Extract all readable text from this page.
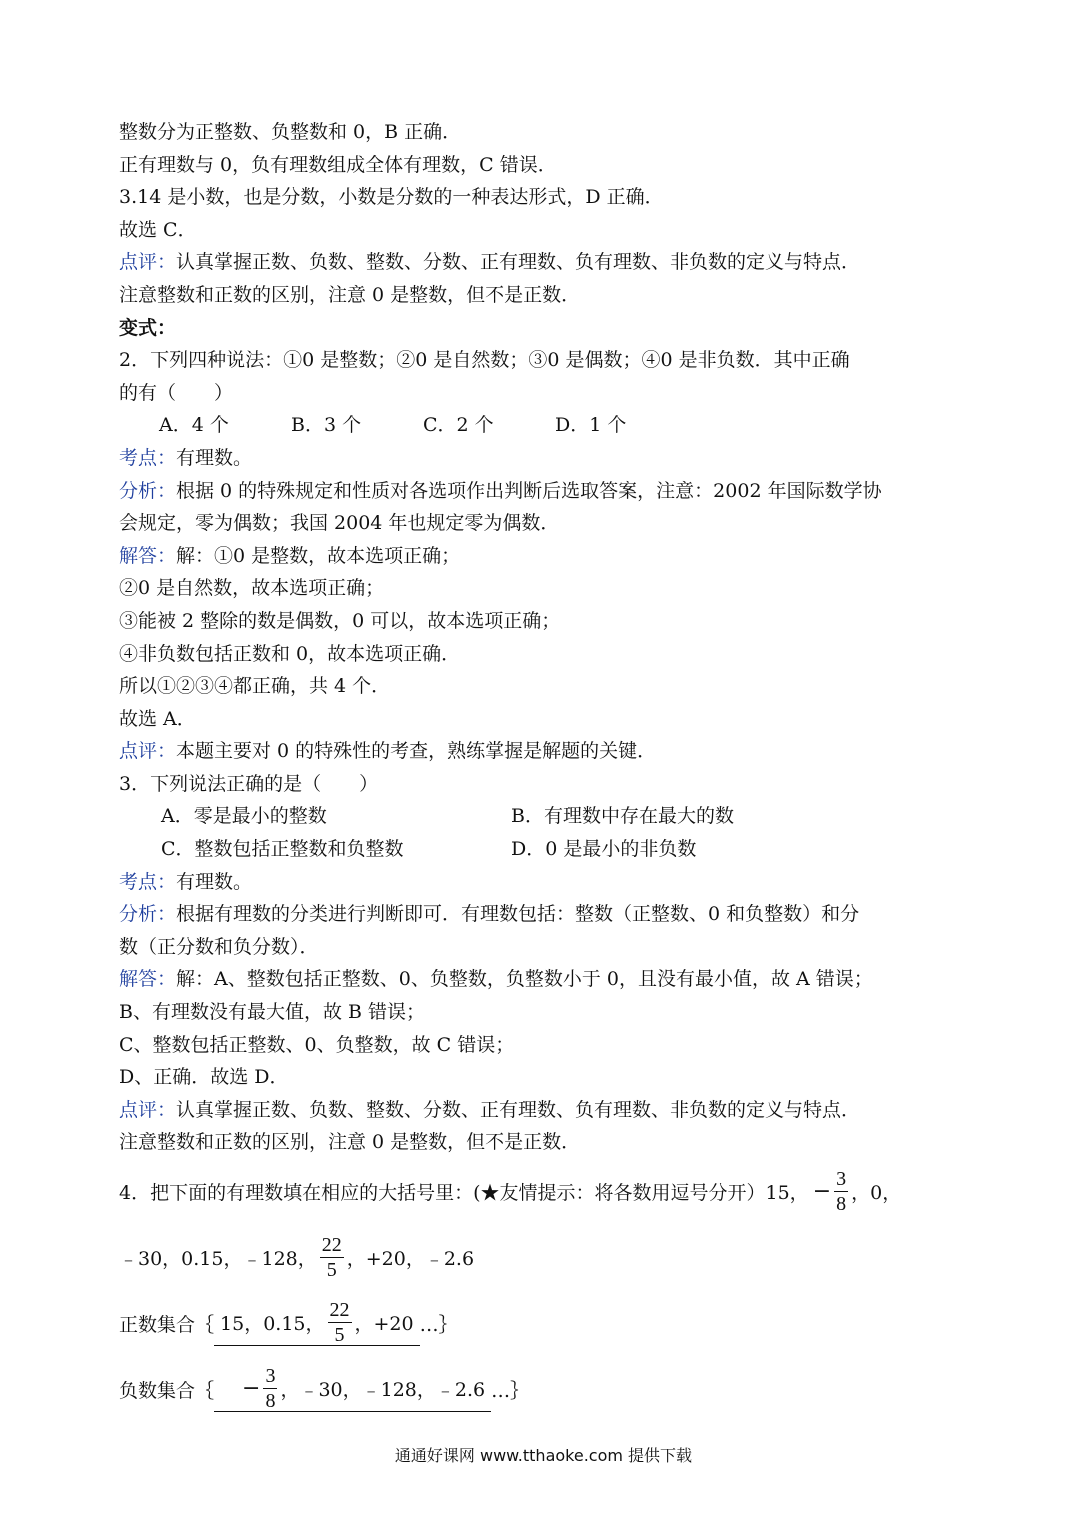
整数分为正整数、负整数和 0，B 正确．
正有理数与 0，负有理数组成全体有理数，C 错误．
3.14 是小数，也是分数，小数是分数的一种表达形式，D 正确．
故选 C．
点评：认真掌握正数、负数、整数、分数、正有理数、负有理数、非负数的定义与特点．
注意整数和正数的区别，注意 0 是整数，但不是正数．
变式：
2．下列四种说法：①0 是整数；②0 是自然数；③0 是偶数；④0 是非负数．其中正确
的有（　　）
A．4 个	B．3 个	C．2 个	D．1 个
考点：有理数。
分析：根据 0 的特殊规定和性质对各选项作出判断后选取答案，注意：2002 年国际数学协
会规定，零为偶数；我国 2004 年也规定零为偶数．
解答：解：①0 是整数，故本选项正确；
②0 是自然数，故本选项正确；
③能被 2 整除的数是偶数，0 可以，故本选项正确；
④非负数包括正数和 0，故本选项正确．
所以①②③④都正确，共 4 个．
故选 A．
点评：本题主要对 0 的特殊性的考查，熟练掌握是解题的关键．
3．下列说法正确的是（　　）
A．零是最小的整数	B．有理数中存在最大的数
C．整数包括正整数和负整数	D．0 是最小的非负数
考点：有理数。
分析：根据有理数的分类进行判断即可．有理数包括：整数（正整数、0 和负整数）和分
数（正分数和负分数）．
解答：解：A、整数包括正整数、0、负整数，负整数小于 0，且没有最小值，故 A 错误；
B、有理数没有最大值，故 B 错误；
C、整数包括正整数、0、负整数，故 C 错误；
D、正确．故选 D．
点评：认真掌握正数、负数、整数、分数、正有理数、负有理数、非负数的定义与特点．
注意整数和正数的区别，注意 0 是整数，但不是正数．
4．把下面的有理数填在相应的大括号里：(★友情提示：将各数用逗号分开）15， − $\frac{3}{8}$ ，0，
﹣30，0.15，﹣128， $\frac{22}{5}$ ，+20，﹣2.6
正数集合｛ 15，0.15， $\frac{22}{5}$ ，+20 …｝
负数集合｛ − $\frac{3}{8}$ ，﹣30，﹣128，﹣2.6 …｝
通通好课网 www.tthaoke.com 提供下载
